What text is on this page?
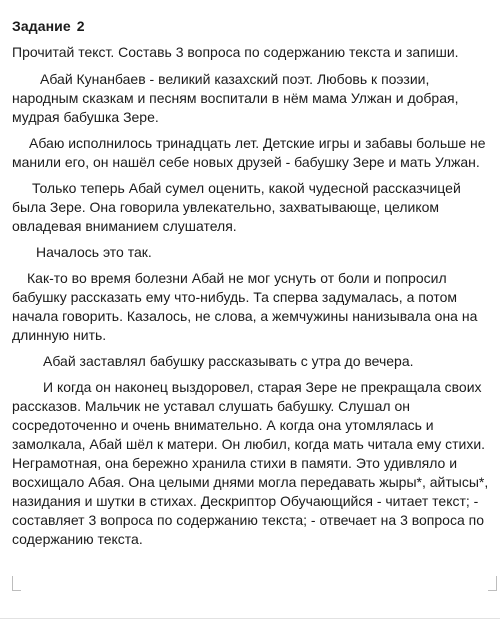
Задание 2
Прочитай текст. Составь 3 вопроса по содержанию текста и запиши.

Абай Кунанбаев - великий казахский поэт. Любовь к поэзии, народным сказкам и песням воспитали в нём мама Улжан и добрая, мудрая бабушка Зере.

Абаю исполнилось тринадцать лет. Детские игры и забавы больше не манили его, он нашёл себе новых друзей - бабушку Зере и мать Улжан.

Только теперь Абай сумел оценить, какой чудесной рассказчицей была Зере. Она говорила увлекательно, захватывающе, целиком овладевая вниманием слушателя.

Началось это так.

Как-то во время болезни Абай не мог уснуть от боли и попросил бабушку рассказать ему что-нибудь. Та сперва задумалась, а потом начала говорить. Казалось, не слова, а жемчужины нанизывала она на длинную нить.

Абай заставлял бабушку рассказывать с утра до вечера.

И когда он наконец выздоровел, старая Зере не прекращала своих рассказов. Мальчик не уставал слушать бабушку. Слушал он сосредоточенно и очень внимательно. А когда она утомлялась и замолкала, Абай шёл к матери. Он любил, когда мать читала ему стихи. Неграмотная, она бережно хранила стихи в памяти. Это удивляло и восхищало Абая. Она целыми днями могла передавать жыры*, айтысы*, назидания и шутки в стихах. Дескриптор Обучающийся - читает текст; - составляет 3 вопроса по содержанию текста; - отвечает на 3 вопроса по содержанию текста.
